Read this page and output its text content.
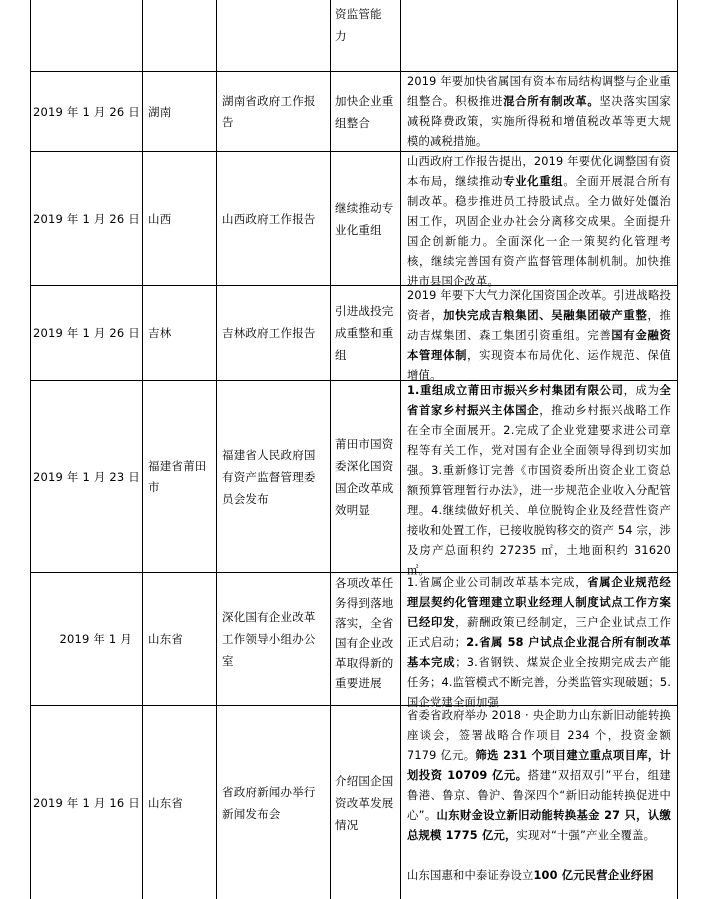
资监管能力
2019 年 1 月 26 日 湖南
湖南省政府工作报告
加快企业重组整合
2019 年要加快省属国有资本布局结构调整与企业重组整合。积极推进混合所有制改革。坚决落实国家减税降费政策，实施所得税和增值税改革等更大规模的减税措施。
2019 年 1 月 26 日 山西	山西政府工作报告
继续推动专业化重组
山西政府工作报告提出，2019 年要优化调整国有资本布局，继续推动专业化重组。全面开展混合所有制改革。稳步推进员工持股试点。全力做好处僵治困工作，巩固企业办社会分离移交成果。全面提升国企创新能力。全面深化一企一策契约化管理考核，继续完善国有资产监督管理体制机制。加快推进市县国企改革。
2019 年 1 月 26 日 吉林	吉林政府工作报告
引进战投完成重整和重组
2019 年要下大气力深化国资国企改革。引进战略投资者，加快完成吉粮集团、吴融集团破产重整，推动吉煤集团、森工集团引资重组。完善国有金融资本管理体制，实现资本布局优化、运作规范、保值增值。
2019 年 1 月 23 日
福建省莆田市
福建省人民政府国有资产监督管理委员会发布
莆田市国资委深化国资国企改革成效明显
1.重组成立莆田市振兴乡村集团有限公司，成为全省首家乡村振兴主体国企，推动乡村振兴战略工作在全市全面展开。2.完成了企业党建要求进公司章程等有关工作，党对国有企业全面领导得到切实加强。3.重新修订完善《市国资委所出资企业工资总额预算管理暂行办法》，进一步规范企业收入分配管理。4.继续做好机关、单位脱钩企业及经营性资产接收和处置工作，已接收脱钩移交的资产 54 宗，涉及房产总面积约 27235 ㎡，土地面积约 31620 ㎡。
2019 年 1 月 山东省
深化国有企业改革工作领导小组办公室
各项改革任务得到落地落实，全省国有企业改革取得新的重要进展
1.省属企业公司制改革基本完成，省属企业规范经理层契约化管理建立职业经理人制度试点工作方案已经印发，薪酬政策已经制定，三户企业试点工作正式启动；2.省属 58 户试点企业混合所有制改革基本完成；3.省钢铁、煤炭企业全按期完成去产能任务；4.监管模式不断完善，分类监管实现破题；5.国企党建全面加强
2019 年 1 月 16 日 山东省
省政府新闻办举行新闻发布会
介绍国企国资改革发展情况
省委省政府举办 2018 · 央企助力山东新旧动能转换座谈会，签署战略合作项目 234 个，投资金额 7179 亿元。筛选 231 个项目建立重点项目库，计划投资 10709 亿元。搭建“双招双引”平台，组建鲁港、鲁京、鲁沪、鲁深四个“新旧动能转换促进中心”。山东财金设立新旧动能转换基金 27 只，认缴总规模 1775 亿元，实现对“十强”产业全覆盖。
山东国惠和中泰证券设立100 亿元民营企业纾困
